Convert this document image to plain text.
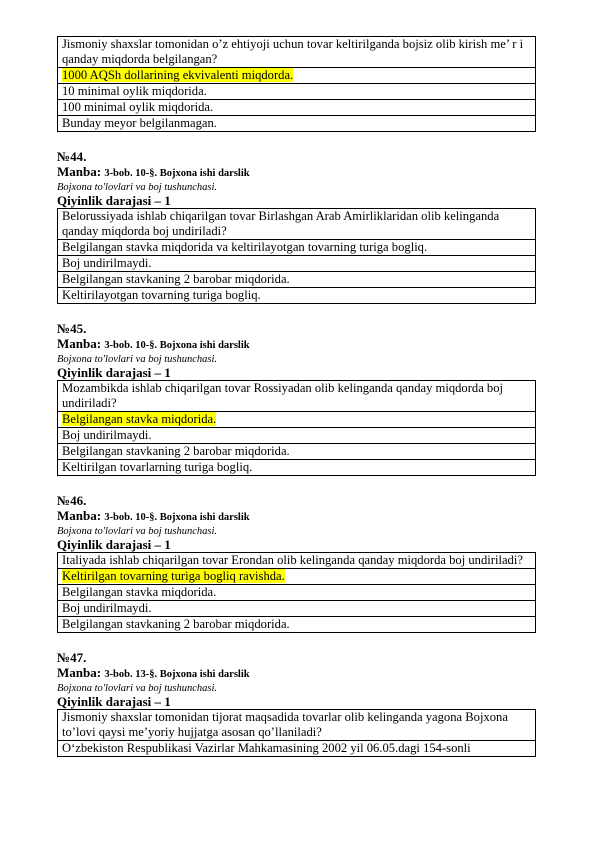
Jismoniy shaxslar tomonidan o’z ehtiyoji uchun tovar keltirilganda bojsiz olib kirish me’ r i qanday miqdorda belgilangan?
1000 AQSh dollarining ekvivalenti miqdorda.
10 minimal oylik miqdorida.
100 minimal oylik miqdorida.
Bunday meyor belgilanmagan.
№44.
Manba: 3-bob. 10-§. Bojxona ishi darslik
Bojxona to'lovlari va boj tushunchasi.
Qiyinlik darajasi – 1
Belorussiyada ishlab chiqarilgan tovar Birlashgan Arab Amirliklaridan olib kelinganda qanday miqdorda boj undiriladi?
Belgilangan stavka miqdorida va keltirilayotgan tovarning turiga bogliq.
Boj undirilmaydi.
Belgilangan stavkaning 2 barobar miqdorida.
Keltirilayotgan tovarning turiga bogliq.
№45.
Manba: 3-bob. 10-§. Bojxona ishi darslik
Bojxona to'lovlari va boj tushunchasi.
Qiyinlik darajasi – 1
Mozambikda ishlab chiqarilgan tovar Rossiyadan olib kelinganda qanday miqdorda boj undiriladi?
Belgilangan stavka miqdorida.
Boj undirilmaydi.
Belgilangan stavkaning 2 barobar miqdorida.
Keltirilgan tovarlarning turiga bogliq.
№46.
Manba: 3-bob. 10-§. Bojxona ishi darslik
Bojxona to'lovlari va boj tushunchasi.
Qiyinlik darajasi – 1
Italiyada ishlab chiqarilgan tovar Erondan olib kelinganda qanday miqdorda boj undiriladi?
Keltirilgan tovarning turiga bogliq ravishda.
Belgilangan stavka miqdorida.
Boj undirilmaydi.
Belgilangan stavkaning 2 barobar miqdorida.
№47.
Manba: 3-bob. 13-§. Bojxona ishi darslik
Bojxona to'lovlari va boj tushunchasi.
Qiyinlik darajasi – 1
Jismoniy shaxslar tomonidan tijorat maqsadida tovarlar olib kelinganda yagona Bojxona to’lovi qaysi me’yoriy hujjatga asosan qo’llaniladi?
O‘zbekiston Respublikasi Vazirlar Mahkamasining 2002 yil 06.05.dagi 154-sonli
